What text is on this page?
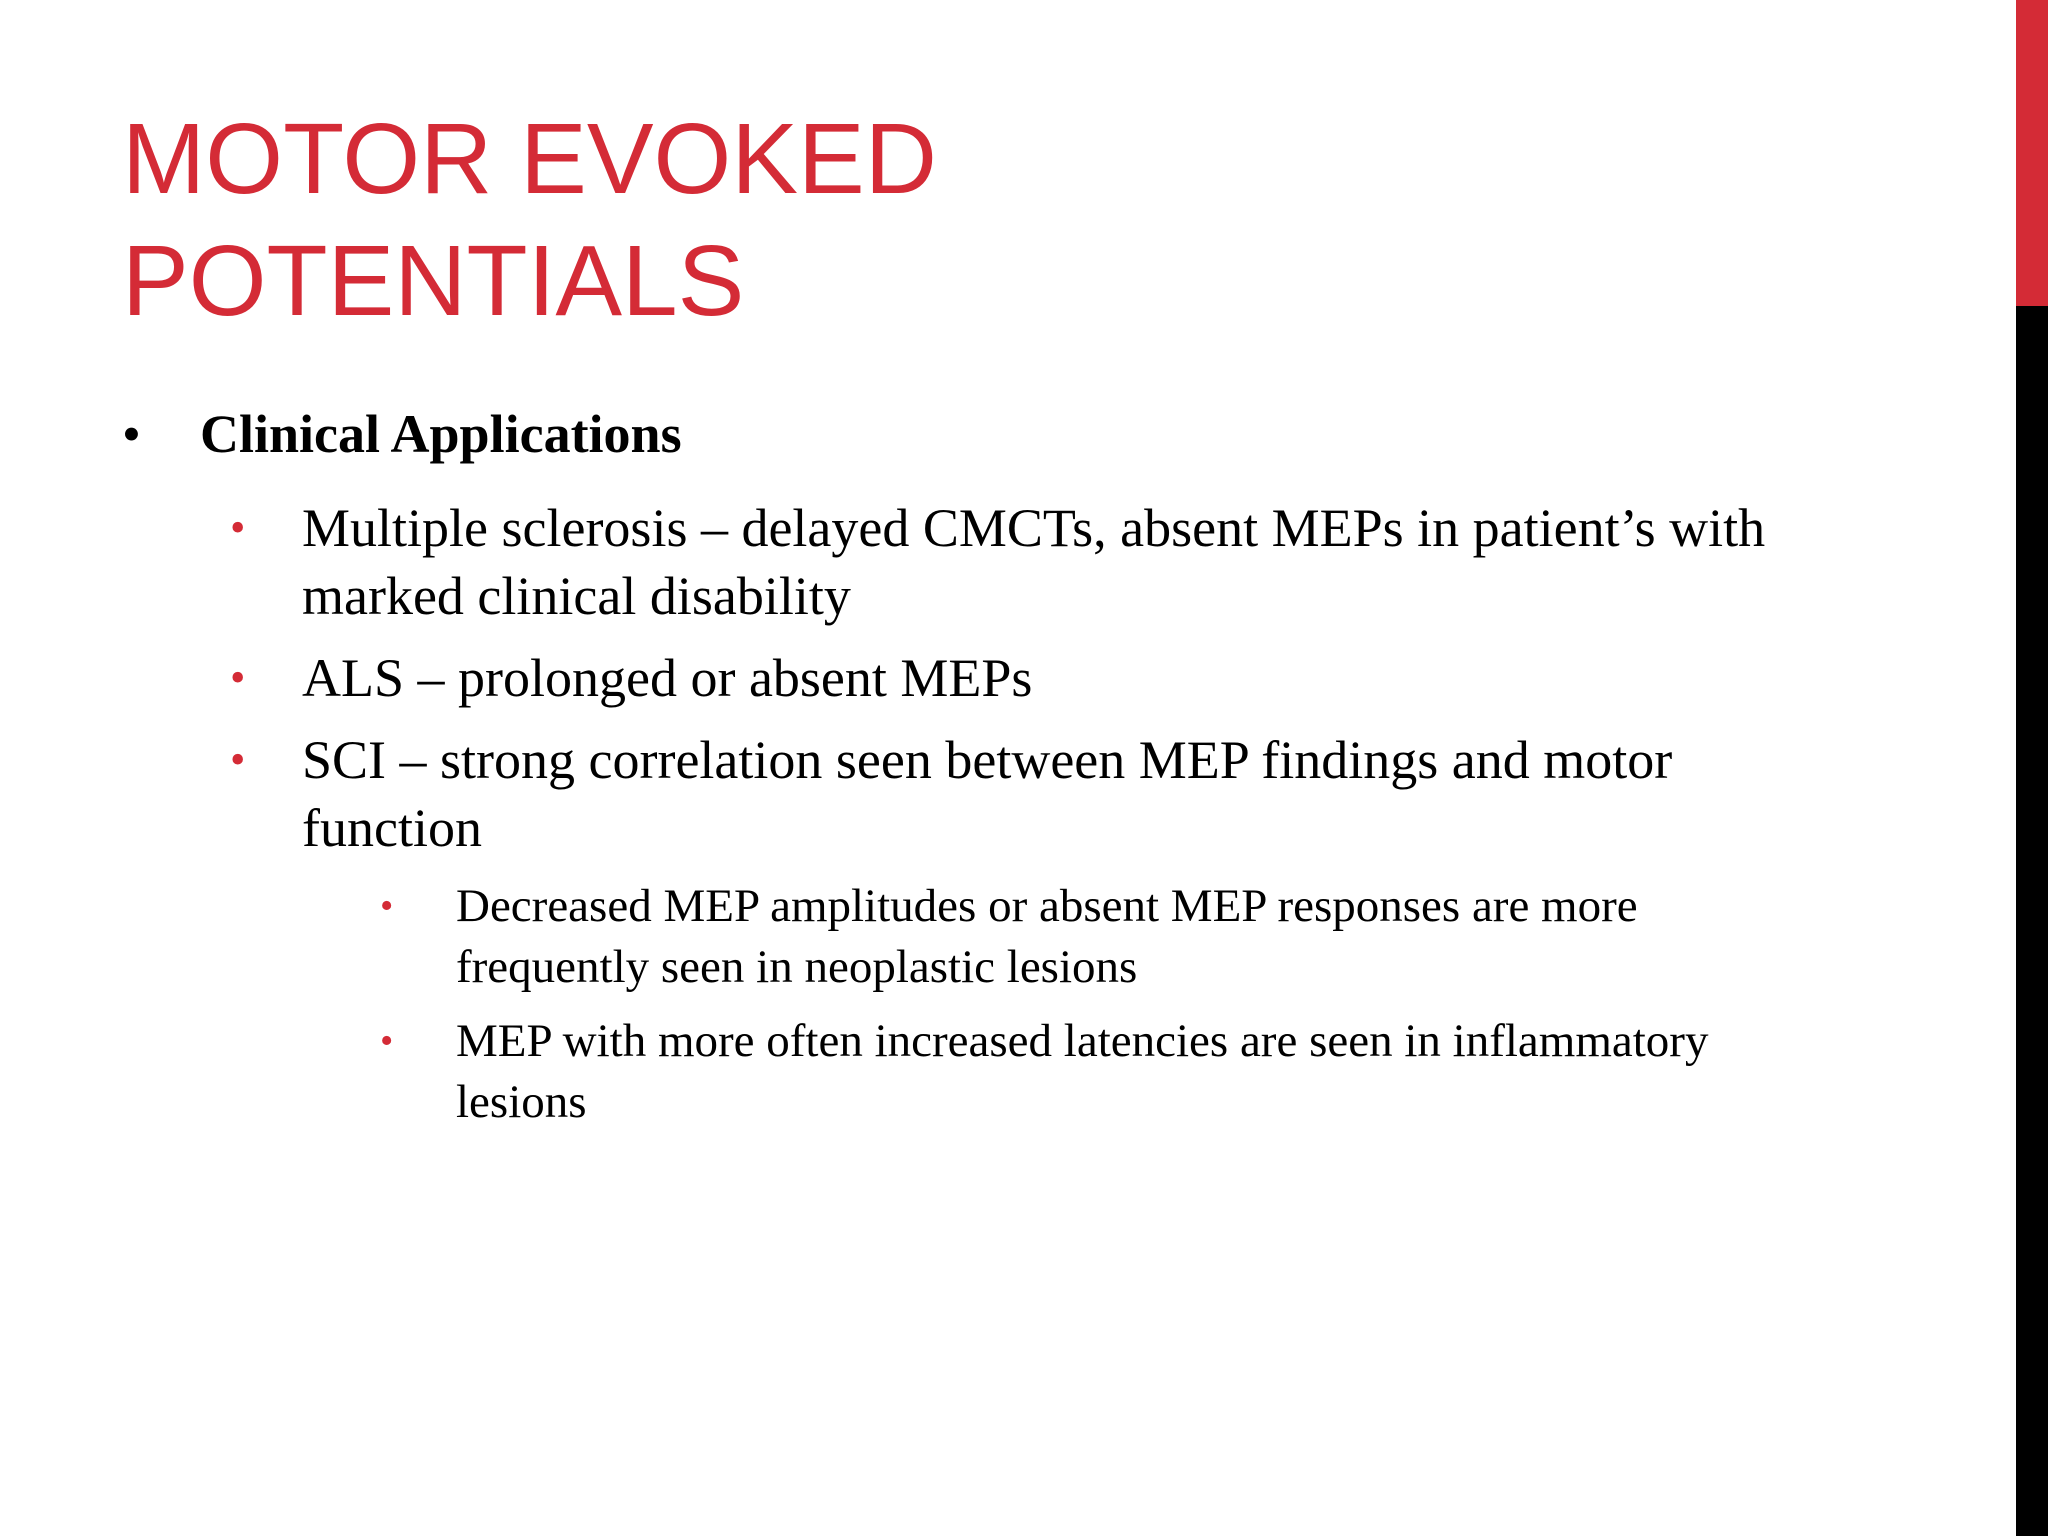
MOTOR EVOKED
POTENTIALS
• Clinical Applications
• Multiple sclerosis – delayed CMCTs, absent MEPs in patient’s with marked clinical disability
• ALS – prolonged or absent MEPs
• SCI – strong correlation seen between MEP findings and motor function
• Decreased MEP amplitudes or absent MEP responses are more frequently seen in neoplastic lesions
• MEP with more often increased latencies are seen in inflammatory lesions
